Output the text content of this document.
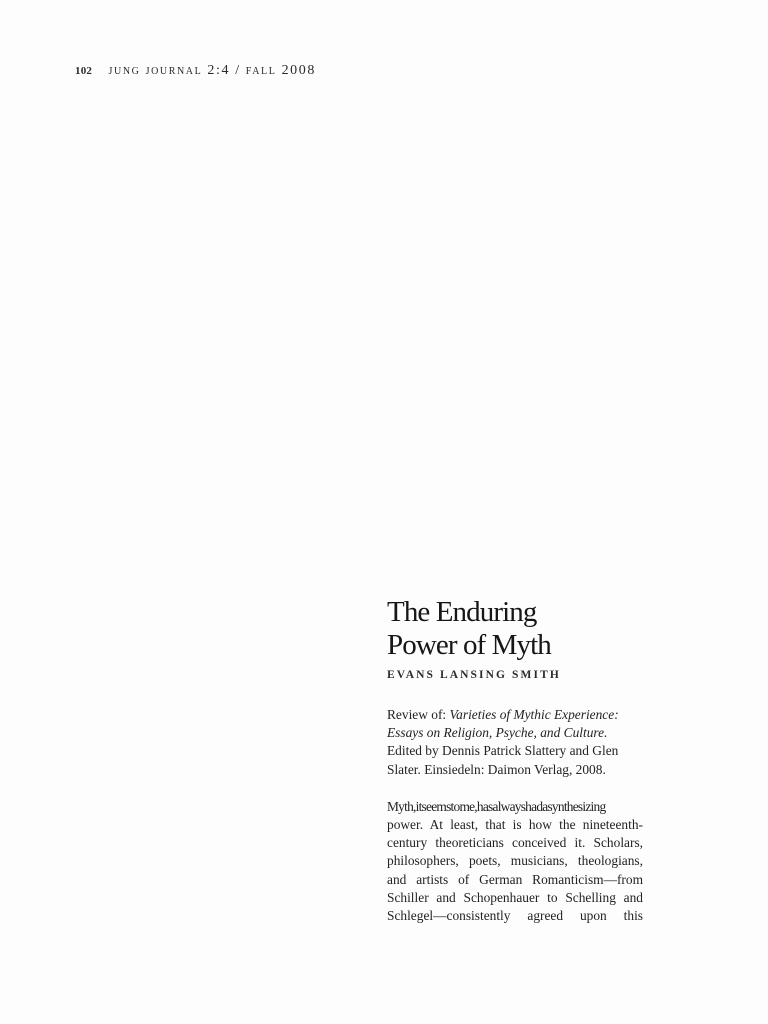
102 jung journal 2:4 / fall 2008
The Enduring
Power of Myth
EVANS LANSING SMITH
Review of: Varieties of Mythic Experience: Essays on Religion, Psyche, and Culture. Edited by Dennis Patrick Slattery and Glen Slater. Einsiedeln: Daimon Verlag, 2008.
Myth,itseemstome,hasalwayshadasynthesizing
power. At least, that is how the nineteenth-
century theoreticians conceived it. Scholars,
philosophers, poets, musicians, theologians,
and artists of German Romanticism—from
Schiller and Schopenhauer to Schelling and
Schlegel—consistently agreed upon this
